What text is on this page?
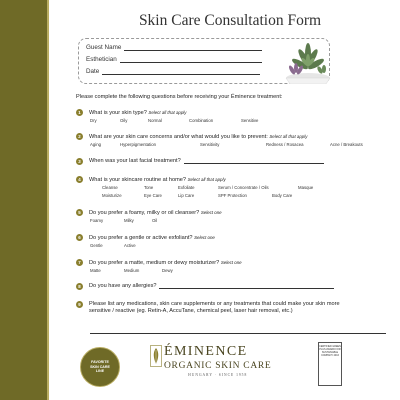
Skin Care Consultation Form
Guest Name
Esthetician
Date
Please complete the following questions before receiving your Éminence treatment:
1	What is your skin type? Select all that apply
Dry	Oily	Normal	Combination	Sensitive
2	What are your skin care concerns and/or what would you like to prevent: Select all that apply
Aging	Hyperpigmentation	Sensitivity	Redness / Rosacea	Acne / Breakouts
3	When was your last facial treatment?
4	What is your skincare routine at home? Select all that apply
Cleanse	Tone	Exfoliate	Serum / Concentrate / Oils	Masque
Moisturize	Eye Care	Lip Care	SPF Protection	Body Care
5	Do you prefer a foamy, milky or oil cleanser? Select one
Foamy	Milky	Oil
6	Do you prefer a gentle or active exfoliant? Select one
Gentle	Active
7	Do you prefer a matte, medium or dewy moisturizer? Select one
Matte	Medium	Dewy
8	Do you have any allergies?
9	Please list any medications, skin care supplements or any treatments that could make your skin more
sensitive / reactive (eg. Retin-A, AccuTane, chemical peel, laser hair removal, etc.)
FAVORITE
SKIN CARE
LINE
ÉMINENCE
ORGANIC SKIN CARE
HUNGARY · SINCE 1958
CERTIFIED GREEN PLUS AWARD FOR SUSTAINABLE COMPANY 2016
